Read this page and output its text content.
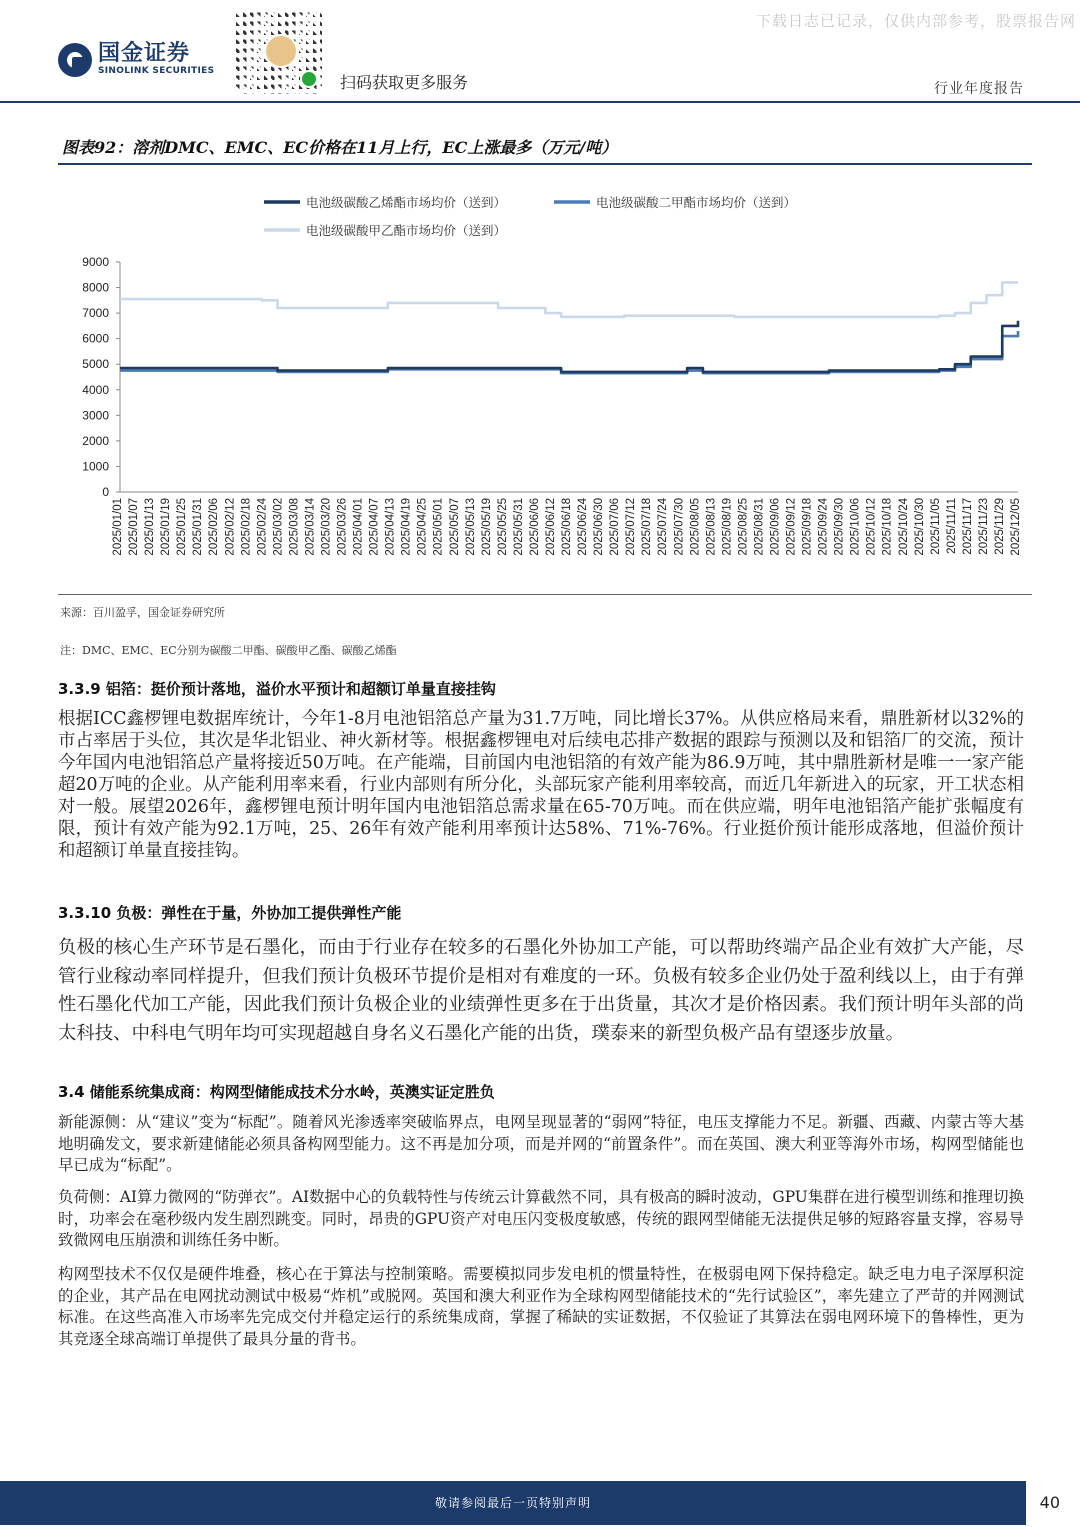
下载日志已记录，仅供内部参考，股票报告网
国金证券
SINOLINK SECURITIES
扫码获取更多服务	行业年度报告
图表92：溶剂DMC、EMC、EC价格在11月上行，EC上涨最多（万元/吨）
电池级碳酸乙烯酯市场均价（送到）	电池级碳酸二甲酯市场均价（送到）
电池级碳酸甲乙酯市场均价（送到）
0
1000
2000
3000
4000
5000
6000
7000
8000
9000
2025/01/01 2025/01/07 2025/01/13 2025/01/19 2025/01/25 2025/01/31 2025/02/06 2025/02/12 2025/02/18 2025/02/24 2025/03/02 2025/03/08 2025/03/14 2025/03/20 2025/03/26 2025/04/01 2025/04/07 2025/04/13 2025/04/19 2025/04/25 2025/05/01 2025/05/07 2025/05/13 2025/05/19 2025/05/25 2025/05/31 2025/06/06 2025/06/12 2025/06/18 2025/06/24 2025/06/30 2025/07/06 2025/07/12 2025/07/18 2025/07/24 2025/07/30 2025/08/05 2025/08/13 2025/08/19 2025/08/25 2025/08/31 2025/09/06 2025/09/12 2025/09/18 2025/09/24 2025/09/30 2025/10/06 2025/10/12 2025/10/18 2025/10/24 2025/10/30 2025/11/05 2025/11/11 2025/11/17 2025/11/23 2025/11/29 2025/12/05
来源：百川盈孚，国金证券研究所
注：DMC、EMC、EC分别为碳酸二甲酯、碳酸甲乙酯、碳酸乙烯酯
3.3.9 铝箔：挺价预计落地，溢价水平预计和超额订单量直接挂钩
根据ICC鑫椤锂电数据库统计，今年1-8月电池铝箔总产量为31.7万吨，同比增长37%。从供应格局来看，鼎胜新材以32%的市占率居于头位，其次是华北铝业、神火新材等。根据鑫椤锂电对后续电芯排产数据的跟踪与预测以及和铝箔厂的交流，预计今年国内电池铝箔总产量将接近50万吨。在产能端，目前国内电池铝箔的有效产能为86.9万吨，其中鼎胜新材是唯一一家产能超20万吨的企业。从产能利用率来看，行业内部则有所分化，头部玩家产能利用率较高，而近几年新进入的玩家，开工状态相对一般。展望2026年，鑫椤锂电预计明年国内电池铝箔总需求量在65-70万吨。而在供应端，明年电池铝箔产能扩张幅度有限，预计有效产能为92.1万吨，25、26年有效产能利用率预计达58%、71%-76%。行业挺价预计能形成落地，但溢价预计和超额订单量直接挂钩。
3.3.10 负极：弹性在于量，外协加工提供弹性产能
负极的核心生产环节是石墨化，而由于行业存在较多的石墨化外协加工产能，可以帮助终端产品企业有效扩大产能，尽管行业稼动率同样提升，但我们预计负极环节提价是相对有难度的一环。负极有较多企业仍处于盈利线以上，由于有弹性石墨化代加工产能，因此我们预计负极企业的业绩弹性更多在于出货量，其次才是价格因素。我们预计明年头部的尚太科技、中科电气明年均可实现超越自身名义石墨化产能的出货，璞泰来的新型负极产品有望逐步放量。
3.4 储能系统集成商：构网型储能成技术分水岭，英澳实证定胜负
新能源侧：从“建议”变为“标配”。随着风光渗透率突破临界点，电网呈现显著的“弱网”特征，电压支撑能力不足。新疆、西藏、内蒙古等大基地明确发文，要求新建储能必须具备构网型能力。这不再是加分项，而是并网的“前置条件”。而在英国、澳大利亚等海外市场，构网型储能也早已成为“标配”。
负荷侧：AI算力微网的“防弹衣”。AI数据中心的负载特性与传统云计算截然不同，具有极高的瞬时波动，GPU集群在进行模型训练和推理切换时，功率会在毫秒级内发生剧烈跳变。同时，昂贵的GPU资产对电压闪变极度敏感，传统的跟网型储能无法提供足够的短路容量支撑，容易导致微网电压崩溃和训练任务中断。
构网型技术不仅仅是硬件堆叠，核心在于算法与控制策略。需要模拟同步发电机的惯量特性，在极弱电网下保持稳定。缺乏电力电子深厚积淀的企业，其产品在电网扰动测试中极易“炸机”或脱网。英国和澳大利亚作为全球构网型储能技术的“先行试验区”，率先建立了严苛的并网测试标准。在这些高准入市场率先完成交付并稳定运行的系统集成商，掌握了稀缺的实证数据，不仅验证了其算法在弱电网环境下的鲁棒性，更为其竞逐全球高端订单提供了最具分量的背书。
敬请参阅最后一页特别声明	40
